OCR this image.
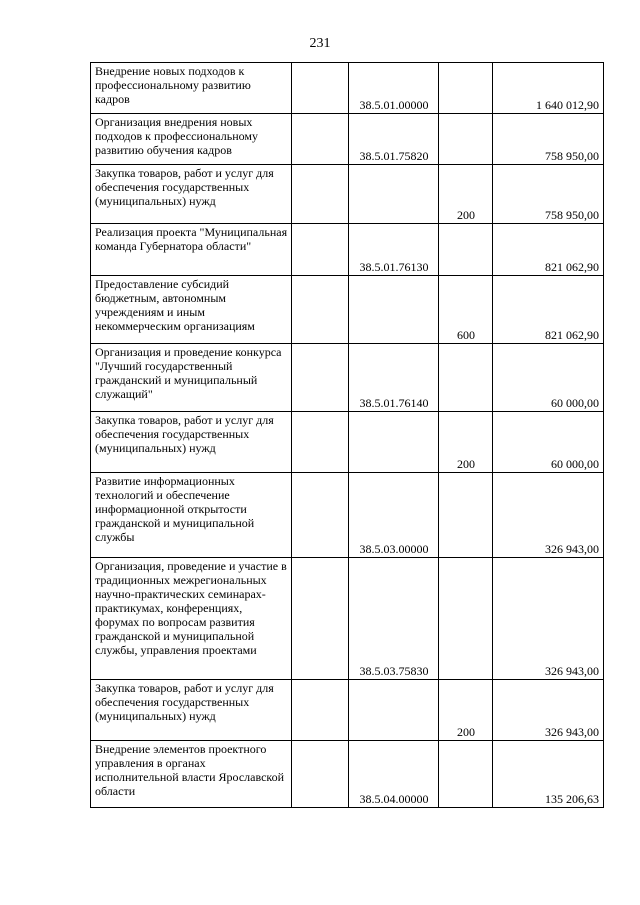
231
Внедрение новых подходов к профессиональному развитию кадров		38.5.01.00000		1 640 012,90

Организация внедрения новых подходов к профессиональному развитию обучения кадров		38.5.01.75820		758 950,00

Закупка товаров, работ и услуг для обеспечения государственных (муниципальных) нужд			200	758 950,00

Реализация проекта "Муниципальная команда Губернатора области"		38.5.01.76130		821 062,90

Предоставление субсидий бюджетным, автономным учреждениям и иным некоммерческим организациям			600	821 062,90

Организация и проведение конкурса "Лучший государственный гражданский и муниципальный служащий"		38.5.01.76140		60 000,00

Закупка товаров, работ и услуг для обеспечения государственных (муниципальных) нужд			200	60 000,00

Развитие информационных технологий и обеспечение информационной открытости гражданской и муниципальной службы		38.5.03.00000		326 943,00

Организация, проведение и участие в традиционных межрегиональных научно-практических семинарах-практикумах, конференциях, форумах по вопросам развития гражданской и муниципальной службы, управления проектами		38.5.03.75830		326 943,00

Закупка товаров, работ и услуг для обеспечения государственных (муниципальных) нужд			200	326 943,00

Внедрение элементов проектного управления в органах исполнительной власти Ярославской области		38.5.04.00000		135 206,63
